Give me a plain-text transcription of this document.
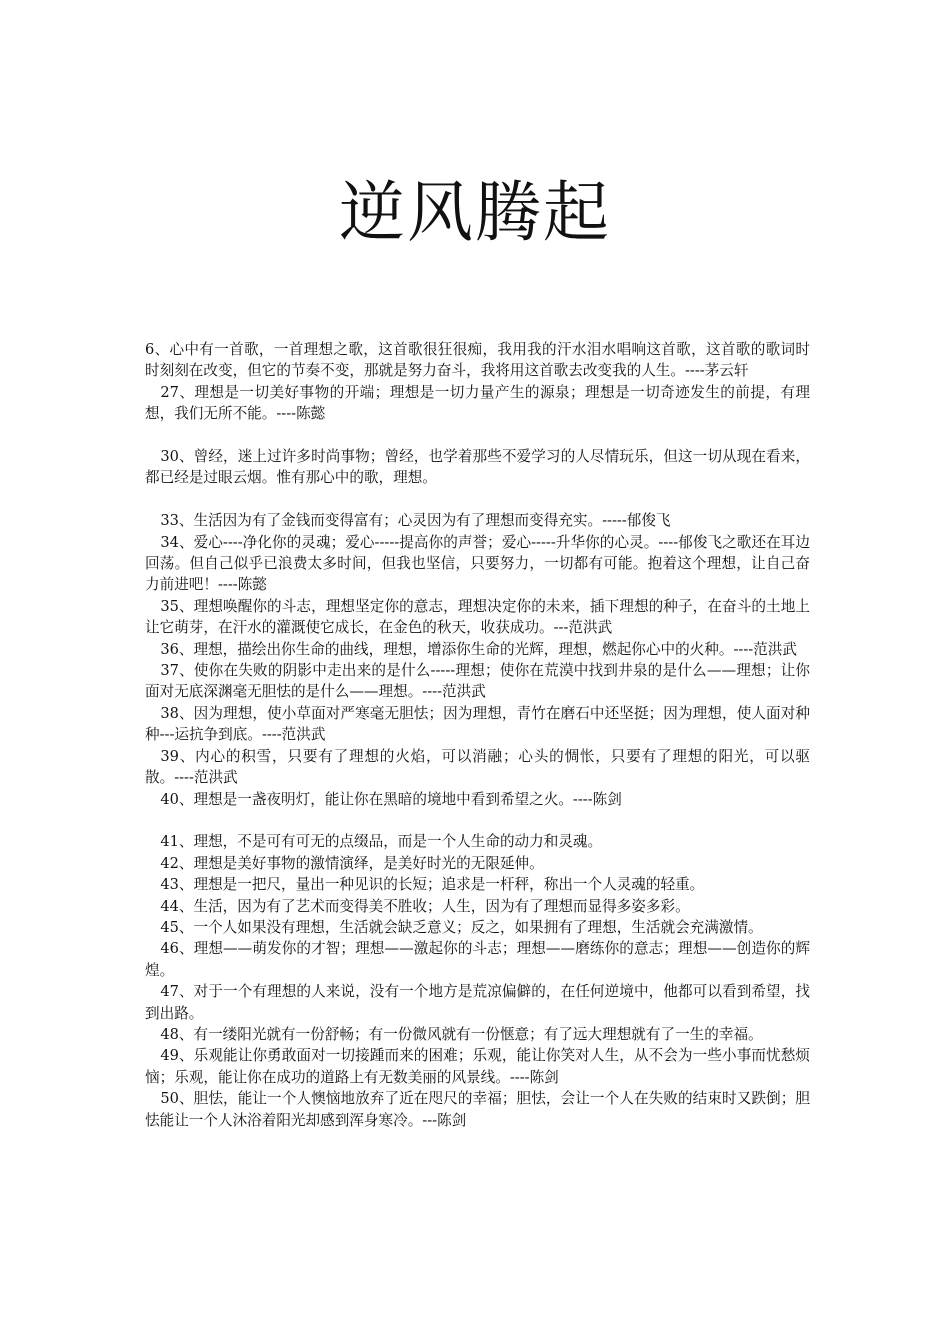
逆风腾起

6、心中有一首歌，一首理想之歌，这首歌很狂很痴，我用我的汗水泪水唱响这首歌，这首歌的歌词时时刻刻在改变，但它的节奏不变，那就是努力奋斗，我将用这首歌去改变我的人生。----茅云轩

27、理想是一切美好事物的开端；理想是一切力量产生的源泉；理想是一切奇迹发生的前提，有理想，我们无所不能。----陈懿

30、曾经，迷上过许多时尚事物；曾经，也学着那些不爱学习的人尽情玩乐，但这一切从现在看来，都已经是过眼云烟。惟有那心中的歌，理想。

33、生活因为有了金钱而变得富有；心灵因为有了理想而变得充实。-----郁俊飞

34、爱心----净化你的灵魂；爱心-----提高你的声誉；爱心-----升华你的心灵。----郁俊飞之歌还在耳边回荡。但自己似乎已浪费太多时间，但我也坚信，只要努力，一切都有可能。抱着这个理想，让自己奋力前进吧！----陈懿

35、理想唤醒你的斗志，理想坚定你的意志，理想决定你的未来，插下理想的种子，在奋斗的土地上让它萌芽，在汗水的灌溉使它成长，在金色的秋天，收获成功。---范洪武

36、理想，描绘出你生命的曲线，理想，增添你生命的光辉，理想，燃起你心中的火种。----范洪武

37、使你在失败的阴影中走出来的是什么-----理想；使你在荒漠中找到井泉的是什么——理想；让你面对无底深渊毫无胆怯的是什么——理想。----范洪武

38、因为理想，使小草面对严寒毫无胆怯；因为理想，青竹在磨石中还坚挺；因为理想，使人面对种种---运抗争到底。----范洪武

39、内心的积雪，只要有了理想的火焰，可以消融；心头的惆怅，只要有了理想的阳光，可以驱散。----范洪武

40、理想是一盏夜明灯，能让你在黑暗的境地中看到希望之火。----陈剑

41、理想，不是可有可无的点缀品，而是一个人生命的动力和灵魂。

42、理想是美好事物的激情演绎，是美好时光的无限延伸。

43、理想是一把尺，量出一种见识的长短；追求是一杆秤，称出一个人灵魂的轻重。

44、生活，因为有了艺术而变得美不胜收；人生，因为有了理想而显得多姿多彩。

45、一个人如果没有理想，生活就会缺乏意义；反之，如果拥有了理想，生活就会充满激情。

46、理想——萌发你的才智；理想——激起你的斗志；理想——磨练你的意志；理想——创造你的辉煌。

47、对于一个有理想的人来说，没有一个地方是荒凉偏僻的，在任何逆境中，他都可以看到希望，找到出路。

48、有一缕阳光就有一份舒畅；有一份微风就有一份惬意；有了远大理想就有了一生的幸福。

49、乐观能让你勇敢面对一切接踵而来的困难；乐观，能让你笑对人生，从不会为一些小事而忧愁烦恼；乐观，能让你在成功的道路上有无数美丽的风景线。----陈剑

50、胆怯，能让一个人懊恼地放弃了近在咫尺的幸福；胆怯，会让一个人在失败的结束时又跌倒；胆怯能让一个人沐浴着阳光却感到浑身寒冷。---陈剑
